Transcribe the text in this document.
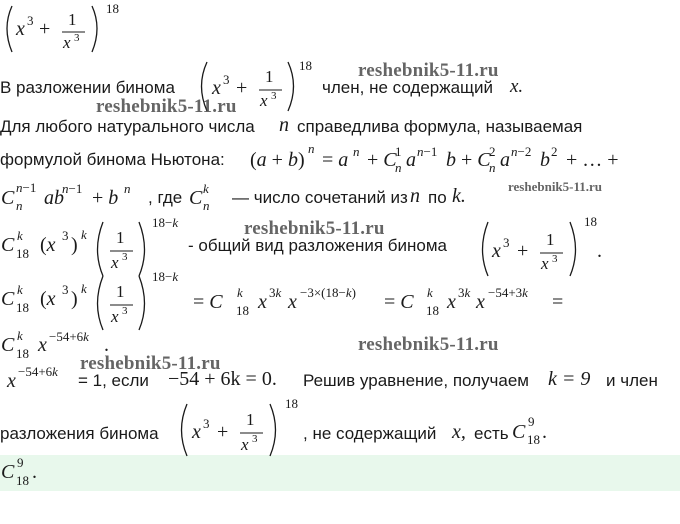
В разложении бинома	член, не содержащий x.
Для любого натурального числа n справедлива формула, называемая
формулой бинома Ньютона:
, где	— число сочетаний из n по k.
- общий вид разложения бинома
= 1, если −54 + 6k = 0. Решив уравнение, получаем k = 9 и член
разложения бинома	, не содержащий x, есть
x 3 + 1
x 3
18
x 3 +
1
x 3
18
(a + b)
n
= a n + C
1
n a n−1 b + C
2
n a n−2 b 2 + … +
C n−1
n ab
n−1 + b n	C k
n
C k
18 (x 3 ) k 1
x 3
18−k
x 3 +
1
x 3
18
.
C k
18 (x 3 ) k 1
x 3
18−k
= C k
18 x 3k x −3×(18−k) = C k
18 x 3k x −54+3k =
C k
18 x −54+6k .
x −54+6k
x 3 +
1
x 3
18
C 9
18 .
C 9
18 .
reshebnik5-11.ru
reshebnik5-11.ru
reshebnik5-11.ru
reshebnik5-11.ru
reshebnik5-11.ru
reshebnik5-11.ru
